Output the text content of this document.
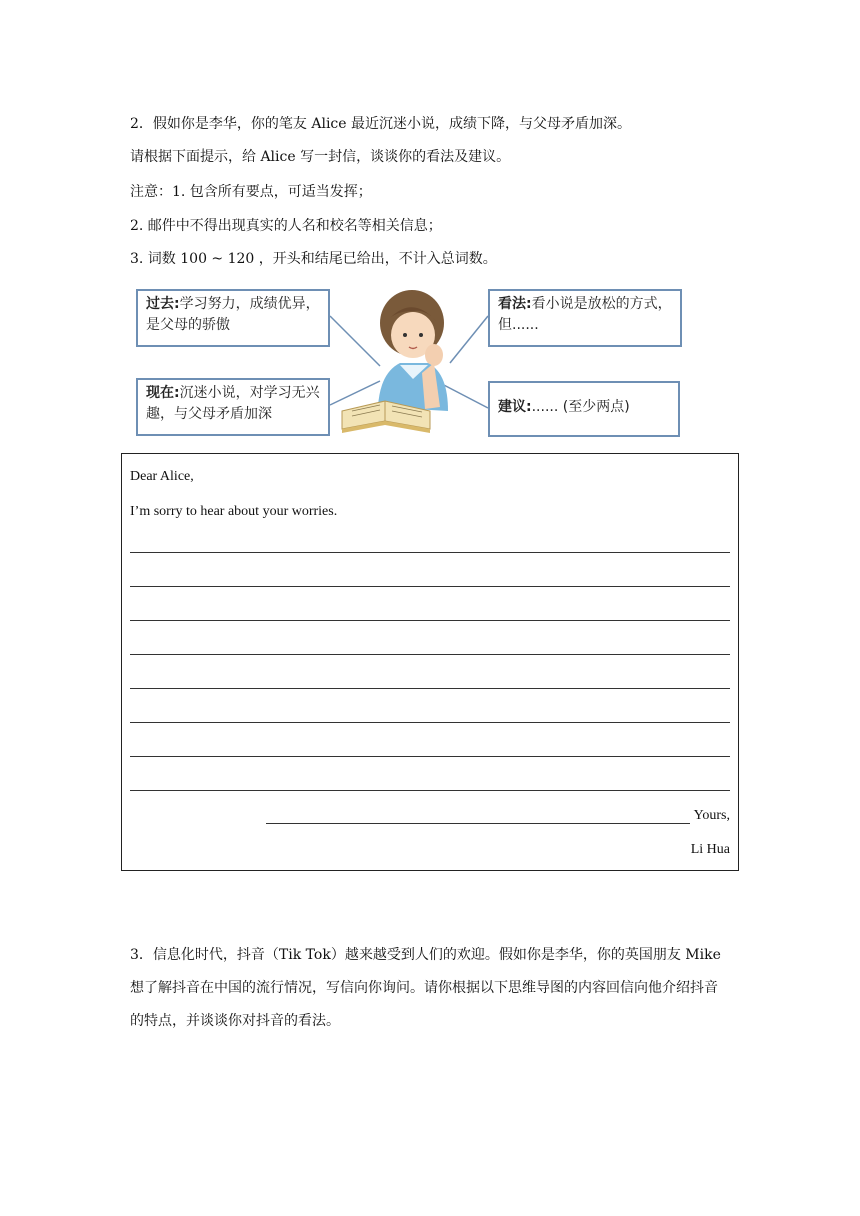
2．假如你是李华，你的笔友 Alice 最近沉迷小说，成绩下降，与父母矛盾加深。
请根据下面提示，给 Alice 写一封信，谈谈你的看法及建议。
注意：1. 包含所有要点，可适当发挥；
2. 邮件中不得出现真实的人名和校名等相关信息；
3. 词数 100 ~ 120 ，开头和结尾已给出，不计入总词数。
过去:学习努力，成绩优异，是父母的骄傲
现在:沉迷小说，对学习无兴趣，与父母矛盾加深
看法:看小说是放松的方式，但......
建议:...... (至少两点)
Dear Alice,
I’m sorry to hear about your worries.
Yours,
Li Hua
3．信息化时代，抖音（Tik Tok）越来越受到人们的欢迎。假如你是李华，你的英国朋友 Mike 想了解抖音在中国的流行情况，写信向你询问。请你根据以下思维导图的内容回信向他介绍抖音的特点，并谈谈你对抖音的看法。
